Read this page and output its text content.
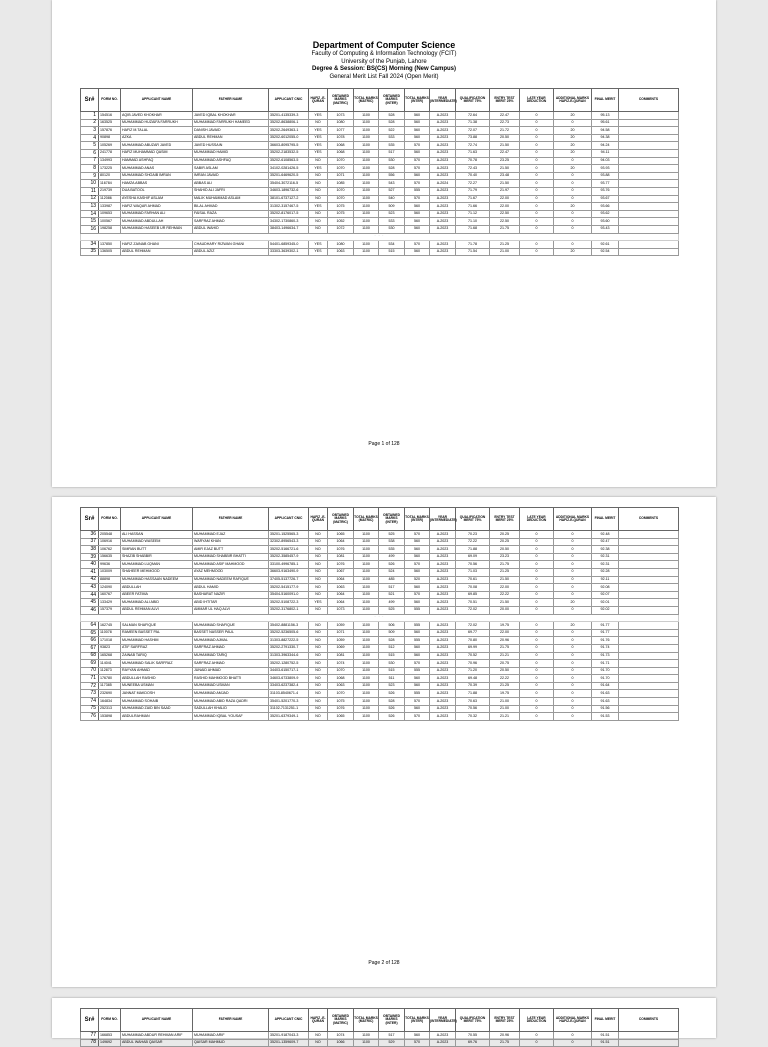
Department of Computer Science
Faculty of Computing & Information Technology (FCIT)
University of the Punjab, Lahore
Degree & Session: BS(CS) Morning (New Campus)
General Merit List Fall 2024 (Open Merit)
Sr#	FORM NO.	APPLICANT NAME	FATHER NAME	APPLICANT CNIC	HAFIZ -E-QURAN	OBTAINED MARKS (MATRIC)	TOTAL MARKS (MATRIC)	OBTAINED MARKS (INTER)	TOTAL MARKS (INTER)	YEAR (INTERMEDIATE)	QUALIFICATION MERIT 75%	ENTRY TEST MERIT 25%	LATE YEAR DEDUCTION	ADDITIONAL MARKS HAFIZ-E-QURAN	FINAL MERIT	COMMENTS
1	154516	AQIB JAVED KHOKHAR	JAVED IQBAL KHOKHAR	35201-4135339-3	YES	1073	1100	528	560	A-2023	72.64	22.47	0	20	95.13	
2	163525	MUHAMMAD HUZAIFA FARRUKH	MUHAMMAD FARRUKH HAMEED	35202-8638806-1	NO	1080	1100	528	560	A-2023	71.38	22.73	0	0	95.61	
3	157876	HAFIZ M.TALAL	DANISH JAVAID	35202-2649363-1	YES	1077	1100	522	560	A-2023	72.07	21.72	0	20	94.58	
4	90898	AZKA	ABDUL REHMAN	35202-6012055-0	YES	1078	1100	533	560	A-2023	73.88	20.50	0	20	94.38	
5	105269	MUHAMMAD ABUZAR JAVED	JAVED HUSSAIN	36603-8095795-5	YES	1068	1100	535	570	A-2023	72.74	21.50	0	20	94.24	
6	241778	HAFIZ MUHAMMAD QASIM	MUHAMMAD HAMID	35202-2183532-5	YES	1068	1100	517	560	A-2023	71.63	22.47	0	20	94.11	
7	134993	HAMMAD ASHFAQ	MUHAMMAD ASHFAQ	35202-6108563-5	NO	1070	1100	530	570	A-2023	70.78	23.25	0	0	94.03	
8	173225	MUHAMMAD ANAS	SABIR ASLAM	34102-0281426-5	YES	1070	1100	528	570	A-2023	72.43	21.50	0	20	93.93	
9	80120	MUHAMMAD SHOAIB IMRAN	IMRAN JAVAID	35201-6469620-5	NO	1071	1100	556	560	A-2023	70.40	23.48	0	0	93.88	
10	116784	HAMZA ABBAS	ABBAS ALI	35404-3072116-5	NO	1085	1100	543	570	A-2024	72.27	21.50	0	0	93.77	
11	219739	DUA BATOOL	SHAHID ALI JAFRI	34603-1896732-6	NO	1070	1100	527	555	A-2023	71.79	21.97	0	0	93.76	
12	112086	AYESHA KASHIF ASLAM	MALIK MUHAMMAD ASLAM	38101-6737127-2	NO	1070	1100	540	570	A-2023	71.67	22.00	0	0	93.67	
13	133987	HAFIZ WAQAR AHMAD	BILAL AHMAD	31302-3157467-5	YES	1075	1100	509	560	A-2023	71.66	22.00	0	20	93.66	
14	109653	MUHAMMAD FARHAN ALI	FAISAL RAZA	35202-8176017-5	NO	1075	1100	523	560	A-2023	71.12	22.50	0	0	93.62	
15	100567	MUHAMMAD ABDULLAH	SARFRAZ AHMAD	34302-1730860-3	NO	1052	1100	533	560	A-2023	71.10	22.50	0	0	93.60	
16	198258	MUHAMMAD HASEEB UR REHMAN	ABDUL WAHID	38403-1496634-7	NO	1072	1100	530	560	A-2023	71.68	21.75	0	0	93.43	
· · ·																
34	137850	HAFIZ ZAINAB GHANI	CHAUDHARY RIZWAN GHANI	54401-6859345-0	YES	1080	1100	534	570	A-2023	71.78	21.25	0	0	92.61	
35	136505	ABDUL REHMAN	ABDUL AZIZ	33303-3639302-1	YES	1063	1100	515	560	A-2023	71.54	21.00	0	20	92.54	
Page 1 of 128
Sr#	FORM NO.	APPLICANT NAME	FATHER NAME	APPLICANT CNIC	HAFIZ -E-QURAN	OBTAINED MARKS (MATRIC)	TOTAL MARKS (MATRIC)	OBTAINED MARKS (INTER)	TOTAL MARKS (INTER)	YEAR (INTERMEDIATE)	QUALIFICATION MERIT 75%	ENTRY TEST MERIT 25%	LATE YEAR DEDUCTION	ADDITIONAL MARKS HAFIZ-E-QURAN	FINAL MERIT	COMMENTS
36	205548	ALI HASSAN	MUHAMMAD EJAZ	35201-1525565-3	NO	1065	1100	525	570	A-2023	70.23	20.25	0	0	92.48	
37	106916	MUHAMMAD WASEEM	WARYAM KHAN	32302-8956543-3	NO	1064	1100	538	560	A-2023	72.22	20.25	0	0	92.47	
38	106762	SIMRAN BUTT	AMIR EJAZ BUTT	35202-5166721-6	NO	1076	1100	535	560	A-2023	71.88	20.50	0	0	92.38	
39	156635	SHAZIB SHABBIR	MUHAMMAD SHABBIR BHATTI	35202-3585457-9	NO	1081	1100	499	560	A-2023	69.09	23.23	0	0	92.31	
40	99636	MUHAMMAD LUQMAN	MUHAMMAD ASIF MAHMOOD	33100-4996785-1	NO	1076	1100	526	570	A-2023	70.56	21.75	0	0	92.31	
41	103009	SHAHEER MEHMOOD	AYAZ MEHMOOD	36603-9163490-9	NO	1067	1100	524	560	A-2023	71.03	21.25	0	0	92.28	
42	88898	MUHAMMAD HASSAAN NADEEM	MUHAMMAD NADEEM RAFIQUE	37405-5137726-7	NO	1064	1100	485	520	A-2023	70.61	21.50	0	0	92.11	
43	124090	ABDULLAH	ABDUL HAMID	35202-5415177-9	NO	1063	1100	517	560	A-2023	70.08	22.00	0	0	92.08	
44	160767	ABEER FATIMA	BASHARAT NAZIR	35404-5160091-0	NO	1064	1100	521	570	A-2023	69.85	22.22	0	0	92.07	
45	133429	MUHAMMAD ALI ABID	ABID IHTITAR	35202-5108722-3	YES	1064	1100	499	560	A-2023	70.51	21.50	0	20	92.01	
46	157379	ABDUL REHMAN ALVI	AMMAR UL HAQ ALVI	35202-3176802-1	NO	1073	1100	525	555	A-2023	72.02	20.00	0	0	92.02	
· · ·																
64	162745	SALMAN SHAFIQUE	MUHAMMAD SHAFIQUE	35402-8881156-3	NO	1059	1100	506	555	A-2023	72.02	19.75	0	20	91.77	
65	110078	RAMEEN BASSET PAL	BASSET NASSER PAUL	35202-5236505-6	NO	1071	1100	509	560	A-2023	69.77	22.00	0	0	91.77	
66	171018	MUHAMMAD HASHIM	MUHAMMAD AJMAL	31303-8827222-5	NO	1059	1100	528	555	A-2023	70.80	20.96	0	0	91.76	
67	93823	ATIF SARFRAZ	SARFRAZ AHMAD	35202-2791330-7	NO	1069	1100	512	560	A-2023	69.99	21.75	0	0	91.74	
68	165268	ZAINAB TARIQ	MUHAMMAD TARIQ	31303-3963344-6	NO	1081	1100	515	560	A-2023	70.52	21.21	0	0	91.73	
69	114041	MUHAMMAD SALIK SARFRAZ	SARFRAZ AHMAD	35202-1280752-5	NO	1074	1100	530	570	A-2023	70.96	20.75	0	0	91.71	
70	112873	RAYYAN AHMAD	JUNAID AHMAD	34403-6150717-1	NO	1070	1100	515	555	A-2023	71.20	20.50	0	0	91.70	
71	176780	ABDULLAH RASHID	RASHID MAHMOOD BHATTI	34603-6733809-9	NO	1068	1100	511	560	A-2023	69.48	22.22	0	0	91.70	
72	117385	MUNEEBA USMAN	MUHAMMAD USMAN	33403-6237382-4	NO	1063	1100	523	560	A-2023	70.39	21.25	0	0	91.64	
73	232690	JANNAT MAKDOSH	MUHAMMAD AMJAD	31103-8540671-4	NO	1070	1100	526	555	A-2023	71.88	19.75	0	0	91.63	
74	164834	MUHAMMAD SOHAIB	MUHAMMAD ABID RAZA QADRI	35401-5201770-3	NO	1075	1100	528	570	A-2023	70.63	21.00	0	0	91.63	
75	252313	MUHAMMAD ZAID BIN SAAD	SADULLAH KHALID	31102-7131251-1	NO	1076	1100	526	560	A-2023	70.56	21.00	0	0	91.56	
76	153898	ABDULRAHMAN	MUHAMMAD IQBAL YOUSAF	35201-6379349-1	NO	1065	1100	526	570	A-2023	70.32	21.21	0	0	91.53	
Page 2 of 128
Sr#	FORM NO.	APPLICANT NAME	FATHER NAME	APPLICANT CNIC	HAFIZ -E-QURAN	OBTAINED MARKS (MATRIC)	TOTAL MARKS (MATRIC)	OBTAINED MARKS (INTER)	TOTAL MARKS (INTER)	YEAR (INTERMEDIATE)	QUALIFICATION MERIT 75%	ENTRY TEST MERIT 25%	LATE YEAR DEDUCTION	ADDITIONAL MARKS HAFIZ-E-QURAN	FINAL MERIT	COMMENTS
77	166853	MUHAMMAD ABDUR REHMAN ARIF	MUHAMMAD ARIF	35201-9187043-3	NO	1074	1100	517	560	A-2023	70.55	20.96	0	0	91.51	
78	149692	ABDUL WAHAB QAISAR	QAISAR MAHMUD	35201-1359609-7	NO	1066	1100	529	570	A-2023	69.76	21.75	0	0	91.51	
